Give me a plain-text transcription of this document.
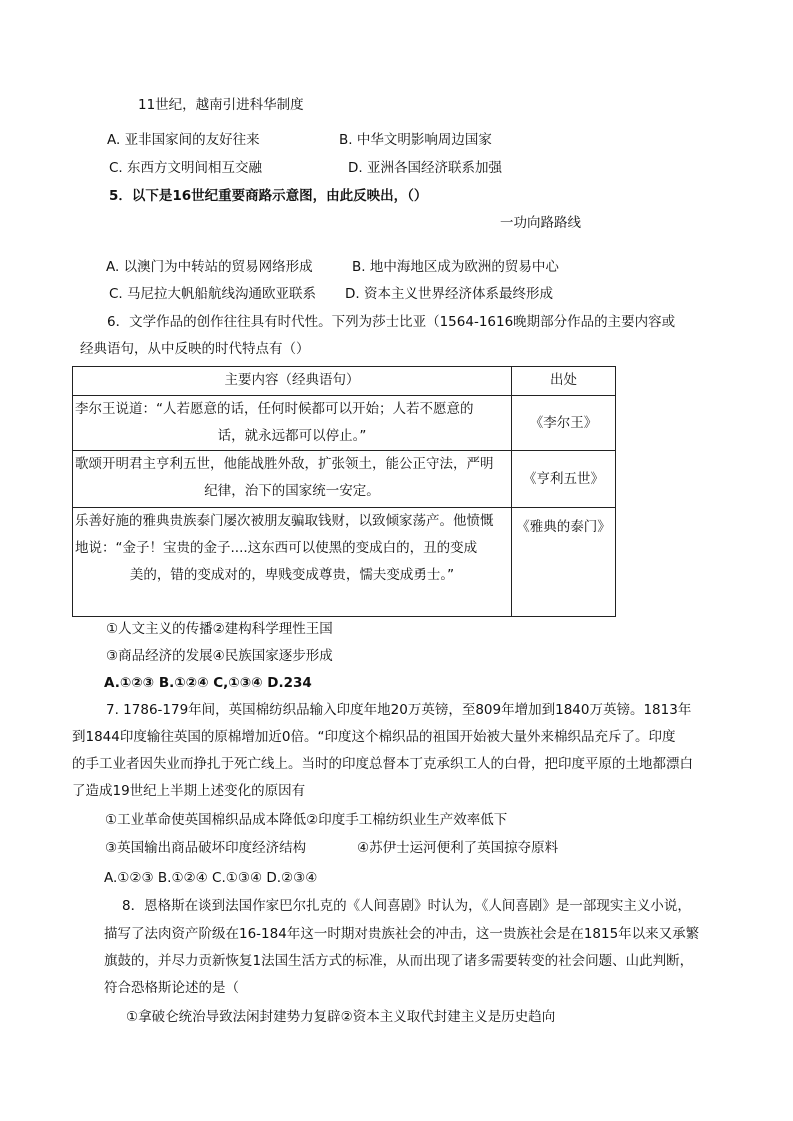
11世纪，越南引进科华制度
A. 亚非国家间的友好往来	B. 中华文明影响周边国家
C. 东西方文明间相互交融	D. 亚洲各国经济联系加强
5．以下是16世纪重要商路示意图，由此反映出，（）
一功向路路线
A. 以澳门为中转站的贸易网络形成	B. 地中海地区成为欧洲的贸易中心
C. 马尼拉大帆船航线沟通欧亚联系 D. 资本主义世界经济体系最终形成
6．文学作品的创作往往具有时代性。下列为莎士比亚（1564-1616晚期部分作品的主要内容或
经典语句，从中反映的时代特点有（）
主要内容（经典语句）	出处

李尔王说道：“人若愿意的话，任何时候都可以开始；人若不愿意的
话，就永远都可以停止。”	《李尔王》

歌颂开明君主亨利五世，他能战胜外敌，扩张领土，能公正守法，严明
纪律，治下的国家统一安定。	《亨利五世》

乐善好施的雅典贵族泰门屡次被朋友骗取钱财，以致倾家荡产。他愤慨
地说：“金子！宝贵的金子....这东西可以使黑的变成白的，丑的变成
美的，错的变成对的，卑贱变成尊贵，懦夫变成勇士。”	《雅典的泰门》
①人文主义的传播②建构科学理性王国
③商品经济的发展④民族国家逐步形成
A.①②③ B.①②④ C,①③④ D.234
7. 1786-179年间，英国棉纺织品输入印度年地20万英镑，至809年增加到1840万英镑。1813年
到1844印度输往英国的原棉增加近0倍。“印度这个棉织品的祖国开始被大量外来棉织品充斥了。印度
的手工业者因失业而挣扎于死亡线上。当时的印度总督本丁克承织工人的白骨，把印度平原的土地都漂白
了造成19世纪上半期上述变化的原因有
①工业革命使英国棉织品成本降低②印度手工棉纺织业生产效率低下
③英国输出商品破坏印度经济结构	④苏伊士运河便利了英国掠夺原料
A.①②③ B.①②④ C.①③④ D.②③④
8．恩格斯在谈到法国作家巴尔扎克的《人间喜剧》时认为，《人间喜剧》是一部现实主义小说，
描写了法肉资产阶级在16-184年这一时期对贵族社会的冲击，这一贵族社会是在1815年以来又承繁
旗鼓的，并尽力贡新恢复1法国生活方式的标准，从而出现了诸多需要转变的社会问题、山此判断，
符合恐格斯论述的是（
①拿破仑统治导致法闲封建势力复辟②资本主义取代封建主义是历史趋向
